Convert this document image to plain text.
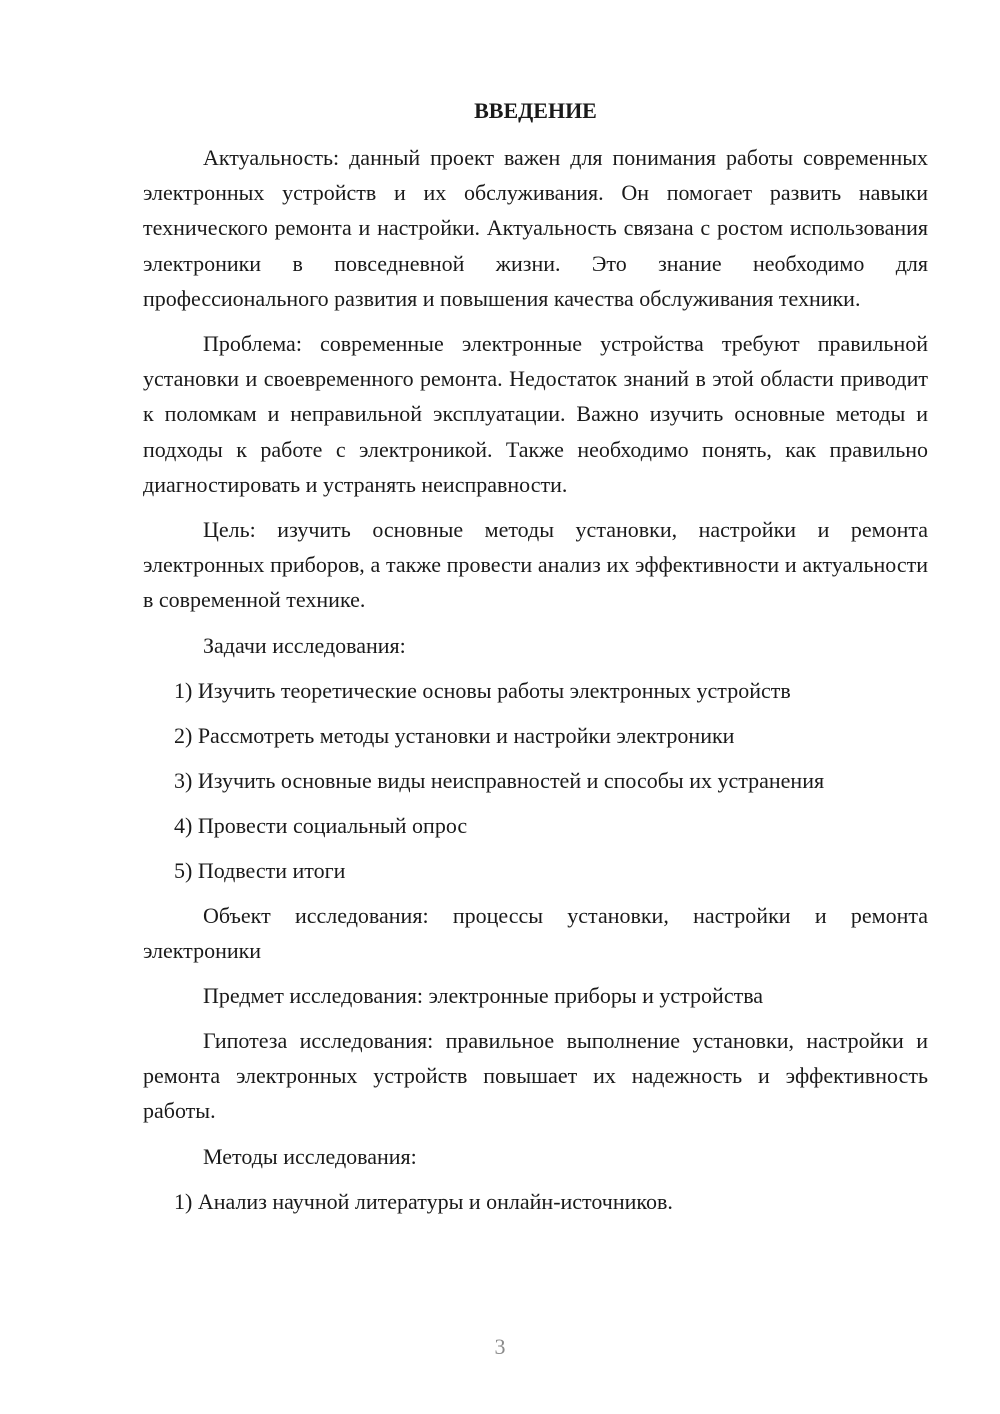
ВВЕДЕНИЕ

Актуальность: данный проект важен для понимания работы современных электронных устройств и их обслуживания. Он помогает развить навыки технического ремонта и настройки. Актуальность связана с ростом использования электроники в повседневной жизни. Это знание необходимо для профессионального развития и повышения качества обслуживания техники.

Проблема: современные электронные устройства требуют правильной установки и своевременного ремонта. Недостаток знаний в этой области приводит к поломкам и неправильной эксплуатации. Важно изучить основные методы и подходы к работе с электроникой. Также необходимо понять, как правильно диагностировать и устранять неисправности.

Цель: изучить основные методы установки, настройки и ремонта электронных приборов, а также провести анализ их эффективности и актуальности в современной технике.

Задачи исследования:
1) Изучить теоретические основы работы электронных устройств
2) Рассмотреть методы установки и настройки электроники
3) Изучить основные виды неисправностей и способы их устранения
4) Провести социальный опрос
5) Подвести итоги

Объект исследования: процессы установки, настройки и ремонта электроники

Предмет исследования: электронные приборы и устройства

Гипотеза исследования: правильное выполнение установки, настройки и ремонта электронных устройств повышает их надежность и эффективность работы.

Методы исследования:
1) Анализ научной литературы и онлайн-источников.
3
